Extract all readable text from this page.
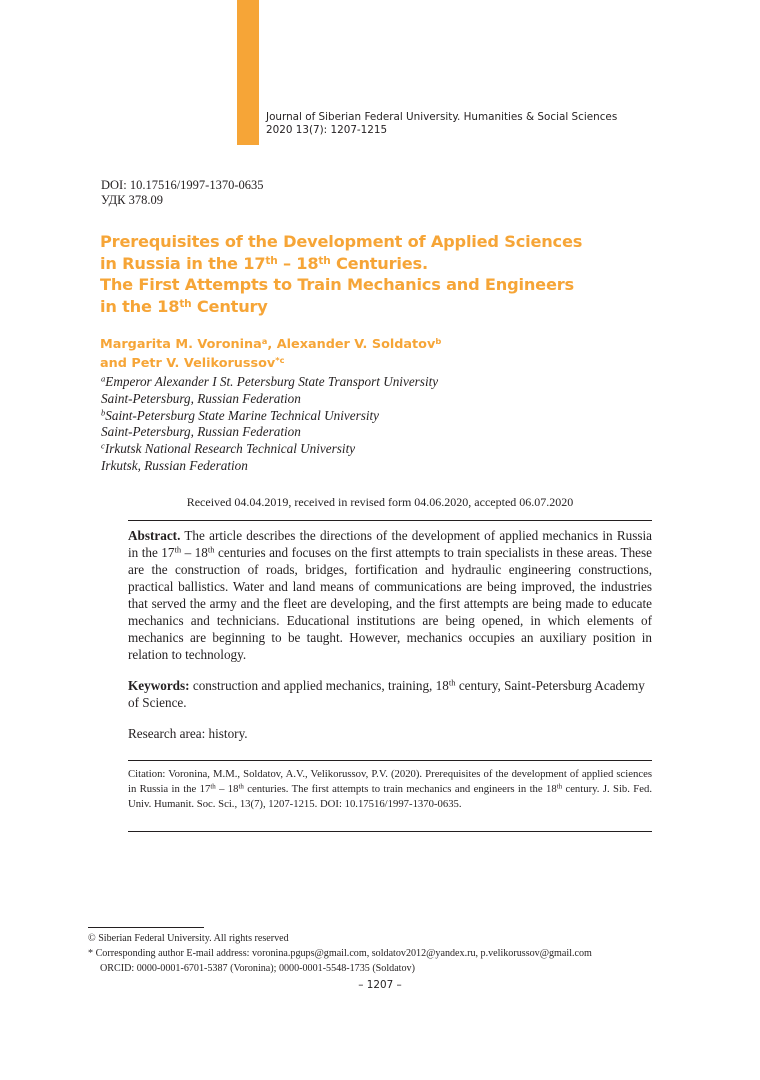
Journal of Siberian Federal University. Humanities & Social Sciences
2020 13(7): 1207-1215
DOI: 10.17516/1997-1370-0635
УДК 378.09
Prerequisites of the Development of Applied Sciences
in Russia in the 17th – 18th Centuries.
The First Attempts to Train Mechanics and Engineers
in the 18th Century
Margarita M. Voronina$^a$, Alexander V. Soldatov$^b$
and Petr V. Velikorussov$^{*c}$
$^a$Emperor Alexander I St. Petersburg State Transport University
Saint-Petersburg, Russian Federation
$^b$Saint-Petersburg State Marine Technical University
Saint-Petersburg, Russian Federation
$^c$Irkutsk National Research Technical University
Irkutsk, Russian Federation
Received 04.04.2019, received in revised form 04.06.2020, accepted 06.07.2020
Abstract. The article describes the directions of the development of applied mechanics in Russia in the 17th – 18th centuries and focuses on the first attempts to train specialists in these areas. These are the construction of roads, bridges, fortification and hydraulic engineering constructions, practical ballistics. Water and land means of communications are being improved, the industries that served the army and the fleet are developing, and the first attempts are being made to educate mechanics and technicians. Educational institutions are being opened, in which elements of mechanics are beginning to be taught. However, mechanics occupies an auxiliary position in relation to technology.
Keywords: construction and applied mechanics, training, 18th century, Saint-Petersburg Academy of Science.
Research area: history.
Citation: Voronina, M.M., Soldatov, A.V., Velikorussov, P.V. (2020). Prerequisites of the development of applied sciences in Russia in the 17th – 18th centuries. The first attempts to train mechanics and engineers in the 18th century. J. Sib. Fed. Univ. Humanit. Soc. Sci., 13(7), 1207-1215. DOI: 10.17516/1997-1370-0635.
© Siberian Federal University. All rights reserved
* Corresponding author E-mail address: voronina.pgups@gmail.com, soldatov2012@yandex.ru, p.velikorussov@gmail.com
ORCID: 0000-0001-6701-5387 (Voronina); 0000-0001-5548-1735 (Soldatov)
– 1207 –
